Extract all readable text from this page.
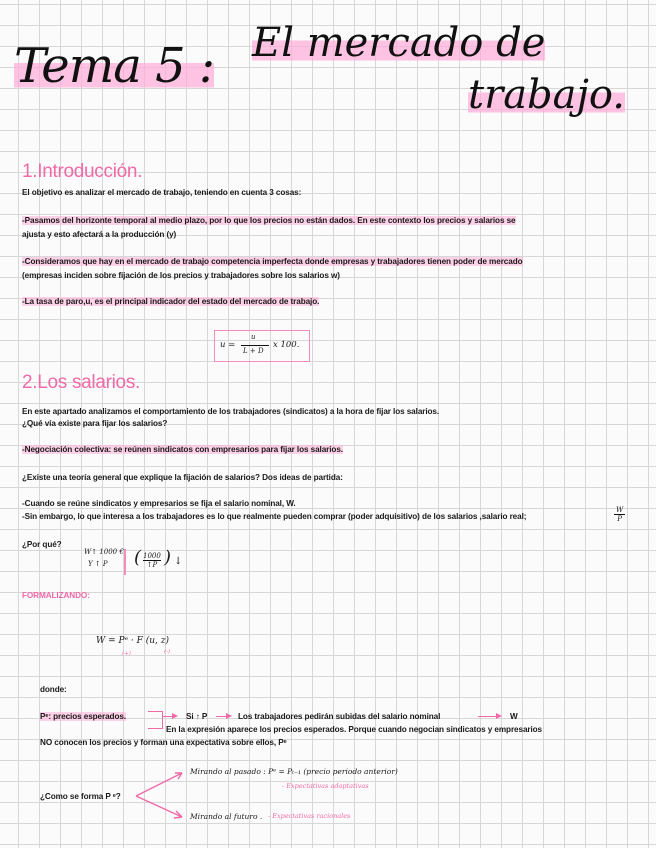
Tema 5 : El mercado de
trabajo.
1.Introducción.
El objetivo es analizar el mercado de trabajo, teniendo en cuenta 3 cosas:
-Pasamos del horizonte temporal al medio plazo, por lo que los precios no están dados. En este contexto los precios y salarios se
ajusta y esto afectará a la producción (y)
-Consideramos que hay en el mercado de trabajo competencia imperfecta donde empresas y trabajadores tienen poder de mercado
(empresas inciden sobre fijación de los precios y trabajadores sobre los salarios w)
-La tasa de paro,u, es el principal indicador del estado del mercado de trabajo.
u =
u
L + D
x 100.
2.Los salarios.
En este apartado analizamos el comportamiento de los trabajadores (sindicatos) a la hora de fijar los salarios.
¿Qué vía existe para fijar los salarios?
-Negociación colectiva: se reúnen sindicatos con empresarios para fijar los salarios.
¿Existe una teoría general que explique la fijación de salarios? Dos ideas de partida:
-Cuando se reúne sindicatos y empresarios se fija el salario nominal, W.
-Sin embargo, lo que interesa a los trabajadores es lo que realmente pueden comprar (poder adquisitivo) de los salarios ,salario real;	$\frac{W}{P}$
¿Por qué?
W↑ 1000 €
Y ↑ P ( $\frac{1000}{↑P}$ ) ↓
FORMALIZANDO:
W = Pᵉ · F (u, z)
(+)	(-)
donde:
Pᵉ: precios esperados.	Si ↑ P	Los trabajadores pedirán subidas del salario nominal	W
En la expresión aparece los precios esperados. Porque cuando negocian sindicatos y empresarios
NO conocen los precios y forman una expectativa sobre ellos, Pᵉ
¿Como se forma P ᵉ?
Mirando al pasado : Pᵉ = Pₜ₋₁ (precio periodo anterior)
- Expectativas adaptativas
Mirando al futuro . - Expectativas racionales
